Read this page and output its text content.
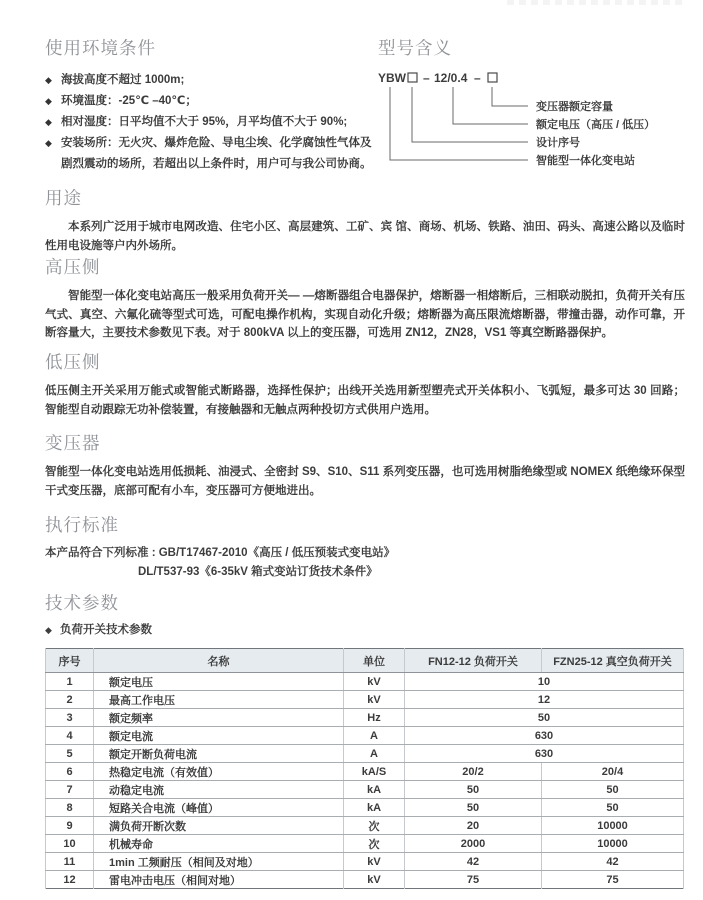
使用环境条件
◆ 海拔高度不超过 1000m;
◆ 环境温度：-25℃ –40℃；
◆ 相对湿度：日平均值不大于 95%，月平均值不大于 90%;
◆ 安装场所：无火灾、爆炸危险、导电尘埃、化学腐蚀性气体及剧烈震动的场所，若超出以上条件时，用户可与我公司协商。
型号含义
YBW – 12/0.4 –
变压器额定容量
额定电压（高压 / 低压）
设计序号
智能型一体化变电站
用途

本系列广泛用于城市电网改造、住宅小区、高层建筑、工矿、宾 馆、商场、机场、铁路、油田、码头、高速公路以及临时性用电设施等户内外场所。

高压侧

智能型一体化变电站高压一般采用负荷开关— —熔断器组合电器保护，熔断器一相熔断后，三相联动脱扣，负荷开关有压气式、真空、六氟化硫等型式可选，可配电操作机构，实现自动化升级；熔断器为高压限流熔断器，带撞击器，动作可靠，开断容量大，主要技术参数见下表。对于 800kVA 以上的变压器，可选用 ZN12，ZN28，VS1 等真空断路器保护。

低压侧

低压侧主开关采用万能式或智能式断路器，选择性保护；出线开关选用新型塑壳式开关体积小、飞弧短，最多可达 30 回路；智能型自动跟踪无功补偿装置，有接触器和无触点两种投切方式供用户选用。

变压器

智能型一体化变电站选用低损耗、油浸式、全密封 S9、S10、S11 系列变压器，也可选用树脂绝缘型或 NOMEX 纸绝缘环保型干式变压器，底部可配有小车，变压器可方便地进出。

执行标准
本产品符合下列标准 : GB/T17467-2010《高压 / 低压预装式变电站》
DL/T537-93《6-35kV 箱式变站订货技术条件》
技术参数
◆ 负荷开关技术参数
序号	名称	单位	FN12-12 负荷开关	FZN25-12 真空负荷开关
1	额定电压	kV	10	
2	最高工作电压	kV	12	
3	额定频率	Hz	50	
4	额定电流	A	630	
5	额定开断负荷电流	A	630	
6	热稳定电流（有效值）	kA/S	20/2	20/4
7	动稳定电流	kA	50	50
8	短路关合电流（峰值）	kA	50	50
9	满负荷开断次数	次	20	10000
10	机械寿命	次	2000	10000
11	1min 工频耐压（相间及对地）	kV	42	42
12	雷电冲击电压（相间对地）	kV	75	75
